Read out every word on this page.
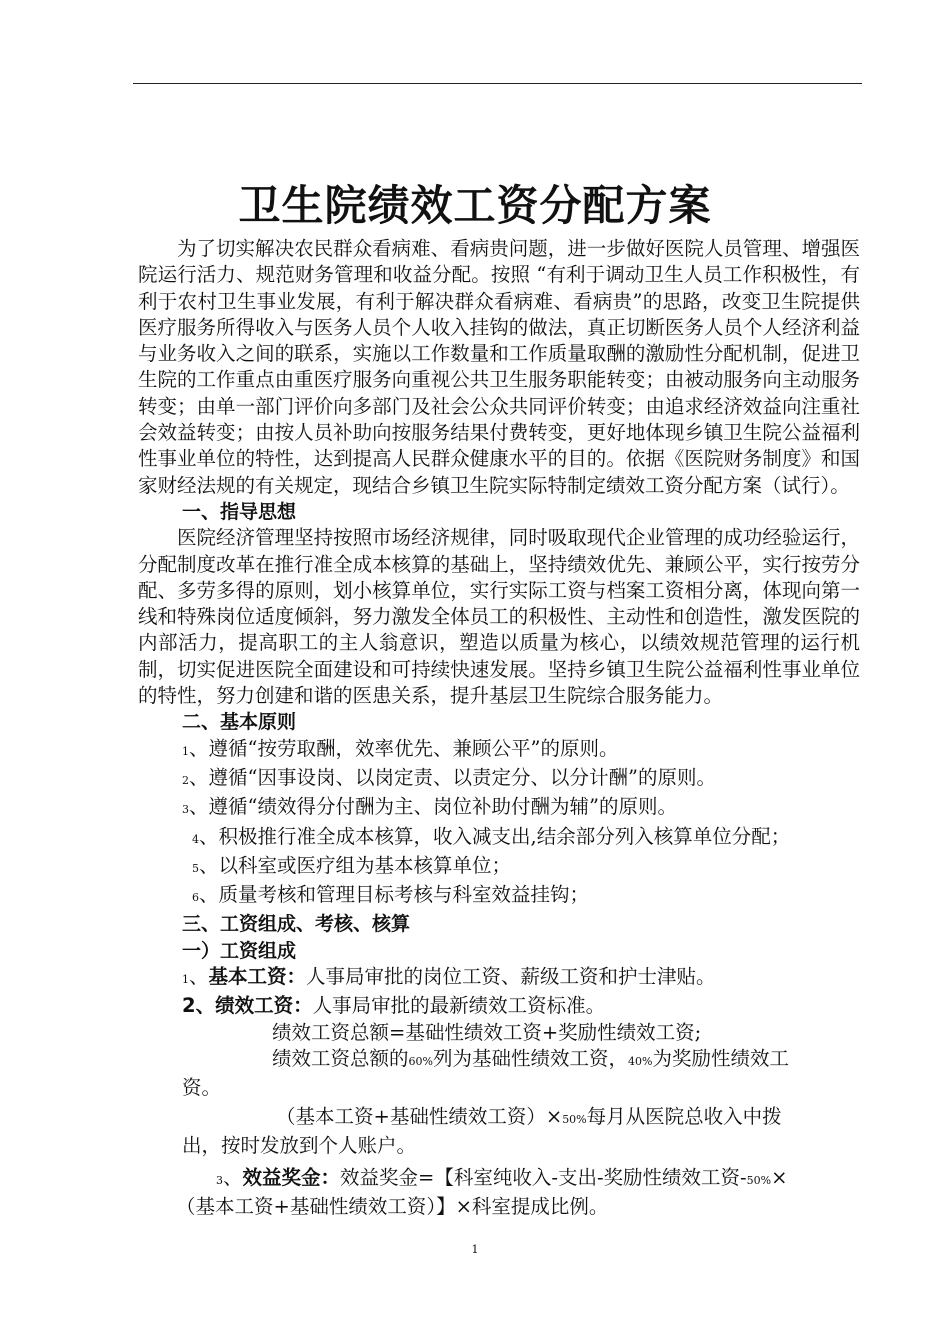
卫生院绩效工资分配方案

为了切实解决农民群众看病难、看病贵问题，进一步做好医院人员管理、增强医院运行活力、规范财务管理和收益分配。按照 “有利于调动卫生人员工作积极性，有利于农村卫生事业发展，有利于解决群众看病难、看病贵”的思路，改变卫生院提供医疗服务所得收入与医务人员个人收入挂钩的做法，真正切断医务人员个人经济利益与业务收入之间的联系，实施以工作数量和工作质量取酬的激励性分配机制，促进卫生院的工作重点由重医疗服务向重视公共卫生服务职能转变；由被动服务向主动服务转变；由单一部门评价向多部门及社会公众共同评价转变；由追求经济效益向注重社会效益转变；由按人员补助向按服务结果付费转变，更好地体现乡镇卫生院公益福利性事业单位的特性，达到提高人民群众健康水平的目的。依据《医院财务制度》和国家财经法规的有关规定，现结合乡镇卫生院实际特制定绩效工资分配方案（试行）。

一、指导思想

医院经济管理坚持按照市场经济规律，同时吸取现代企业管理的成功经验运行，分配制度改革在推行准全成本核算的基础上，坚持绩效优先、兼顾公平，实行按劳分配、多劳多得的原则，划小核算单位，实行实际工资与档案工资相分离，体现向第一线和特殊岗位适度倾斜，努力激发全体员工的积极性、主动性和创造性，激发医院的内部活力，提高职工的主人翁意识，塑造以质量为核心，以绩效规范管理的运行机制，切实促进医院全面建设和可持续快速发展。坚持乡镇卫生院公益福利性事业单位的特性，努力创建和谐的医患关系，提升基层卫生院综合服务能力。

二、基本原则

1、遵循“按劳取酬，效率优先、兼顾公平”的原则。

2、遵循“因事设岗、以岗定责、以责定分、以分计酬”的原则。

3、遵循“绩效得分付酬为主、岗位补助付酬为辅”的原则。

4、积极推行准全成本核算，收入减支出,结余部分列入核算单位分配；

5、以科室或医疗组为基本核算单位；

6、质量考核和管理目标考核与科室效益挂钩；

三、工资组成、考核、核算

一）工资组成

1、基本工资：人事局审批的岗位工资、薪级工资和护士津贴。

2、绩效工资：人事局审批的最新绩效工资标准。

绩效工资总额=基础性绩效工资+奖励性绩效工资;

绩效工资总额的60%列为基础性绩效工资，40%为奖励性绩效工

资。

（基本工资+基础性绩效工资）×50%每月从医院总收入中拨

出，按时发放到个人账户。

3、效益奖金：效益奖金=【科室纯收入-支出-奖励性绩效工资-50%×

（基本工资+基础性绩效工资）】×科室提成比例。

1
